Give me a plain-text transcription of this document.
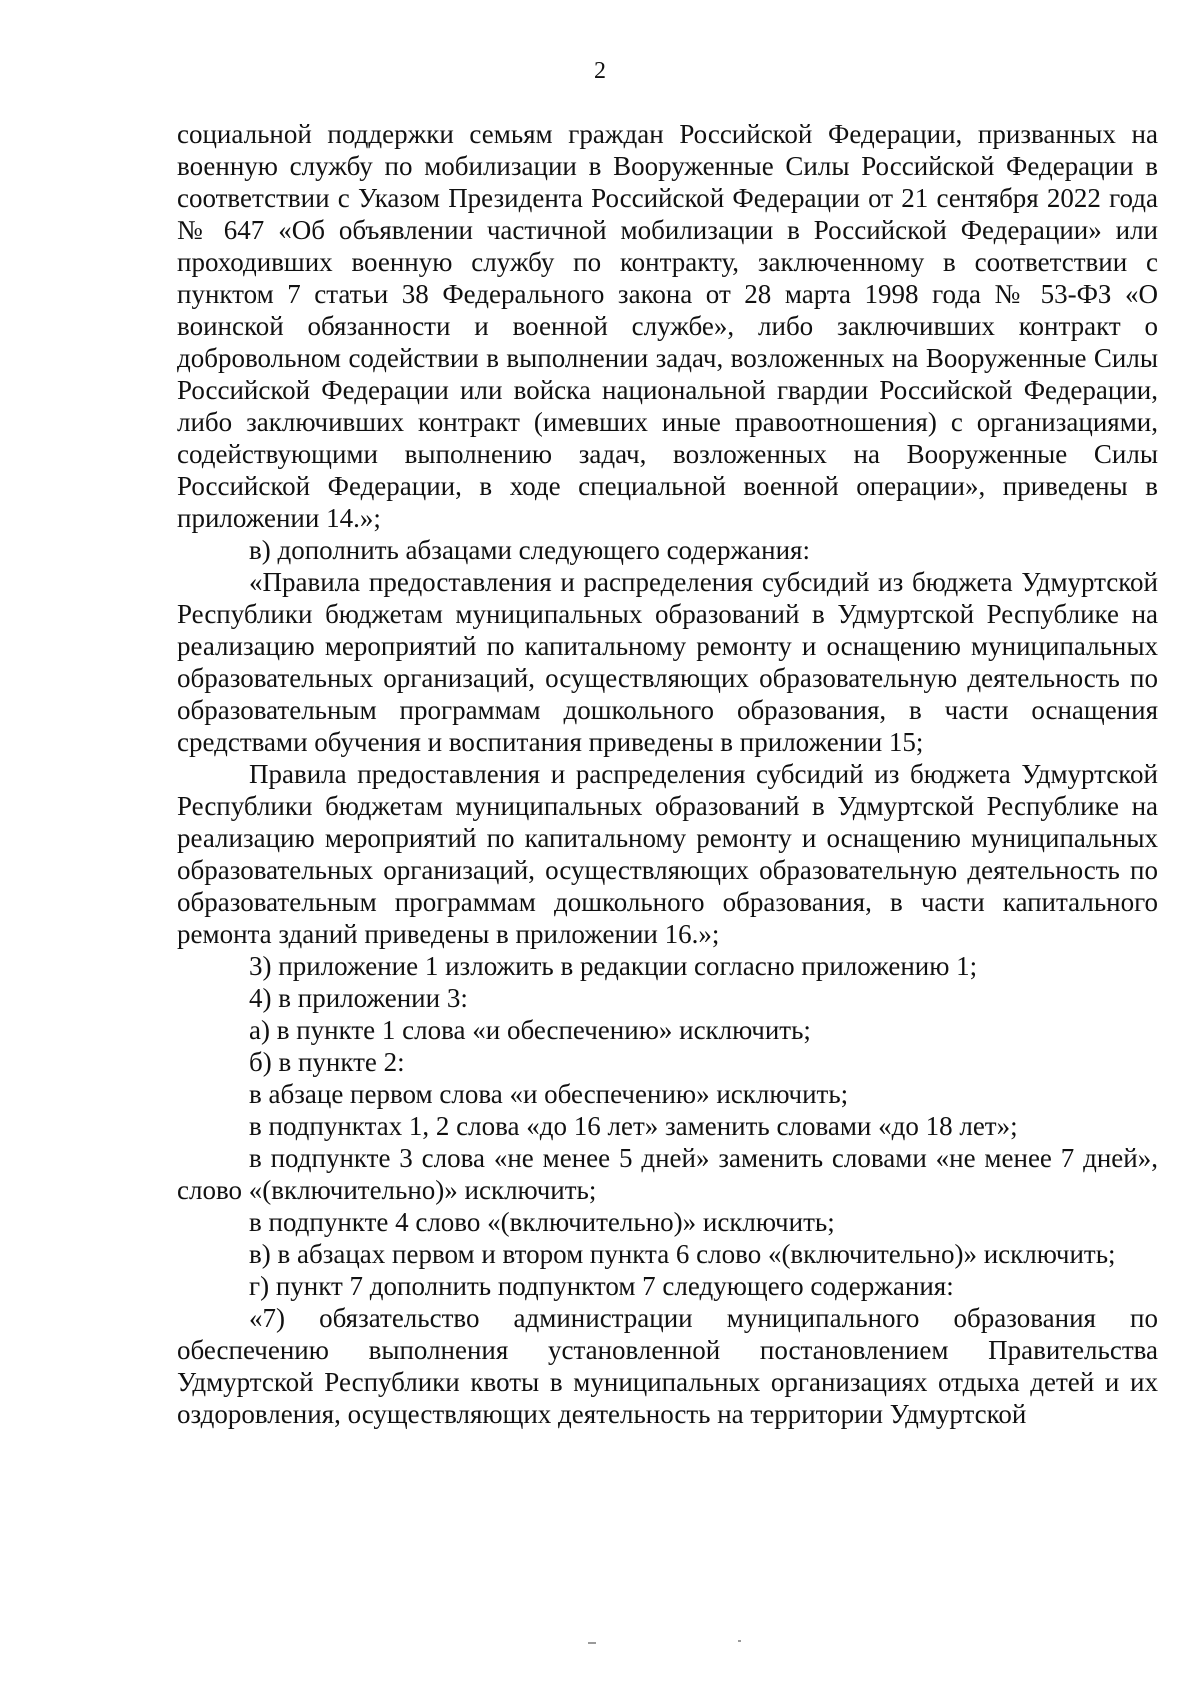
2

социальной поддержки семьям граждан Российской Федерации, призванных на военную службу по мобилизации в Вооруженные Силы Российской Федерации в соответствии с Указом Президента Российской Федерации от 21 сентября 2022 года № 647 «Об объявлении частичной мобилизации в Российской Федерации» или проходивших военную службу по контракту, заключенному в соответствии с пунктом 7 статьи 38 Федерального закона от 28 марта 1998 года № 53-ФЗ «О воинской обязанности и военной службе», либо заключивших контракт о добровольном содействии в выполнении задач, возложенных на Вооруженные Силы Российской Федерации или войска национальной гвардии Российской Федерации, либо заключивших контракт (имевших иные правоотношения) с организациями, содействующими выполнению задач, возложенных на Вооруженные Силы Российской Федерации, в ходе специальной военной операции», приведены в приложении 14.»;

в) дополнить абзацами следующего содержания:

«Правила предоставления и распределения субсидий из бюджета Удмуртской Республики бюджетам муниципальных образований в Удмуртской Республике на реализацию мероприятий по капитальному ремонту и оснащению муниципальных образовательных организаций, осуществляющих образовательную деятельность по образовательным программам дошкольного образования, в части оснащения средствами обучения и воспитания приведены в приложении 15;

Правила предоставления и распределения субсидий из бюджета Удмуртской Республики бюджетам муниципальных образований в Удмуртской Республике на реализацию мероприятий по капитальному ремонту и оснащению муниципальных образовательных организаций, осуществляющих образовательную деятельность по образовательным программам дошкольного образования, в части капитального ремонта зданий приведены в приложении 16.»;

3) приложение 1 изложить в редакции согласно приложению 1;

4) в приложении 3:

а) в пункте 1 слова «и обеспечению» исключить;

б) в пункте 2:

в абзаце первом слова «и обеспечению» исключить;

в подпунктах 1, 2 слова «до 16 лет» заменить словами «до 18 лет»;

в подпункте 3 слова «не менее 5 дней» заменить словами «не менее 7 дней», слово «(включительно)» исключить;

в подпункте 4 слово «(включительно)» исключить;

в) в абзацах первом и втором пункта 6 слово «(включительно)» исключить;

г) пункт 7 дополнить подпунктом 7 следующего содержания:

«7) обязательство администрации муниципального образования по обеспечению выполнения установленной постановлением Правительства Удмуртской Республики квоты в муниципальных организациях отдыха детей и их оздоровления, осуществляющих деятельность на территории Удмуртской
